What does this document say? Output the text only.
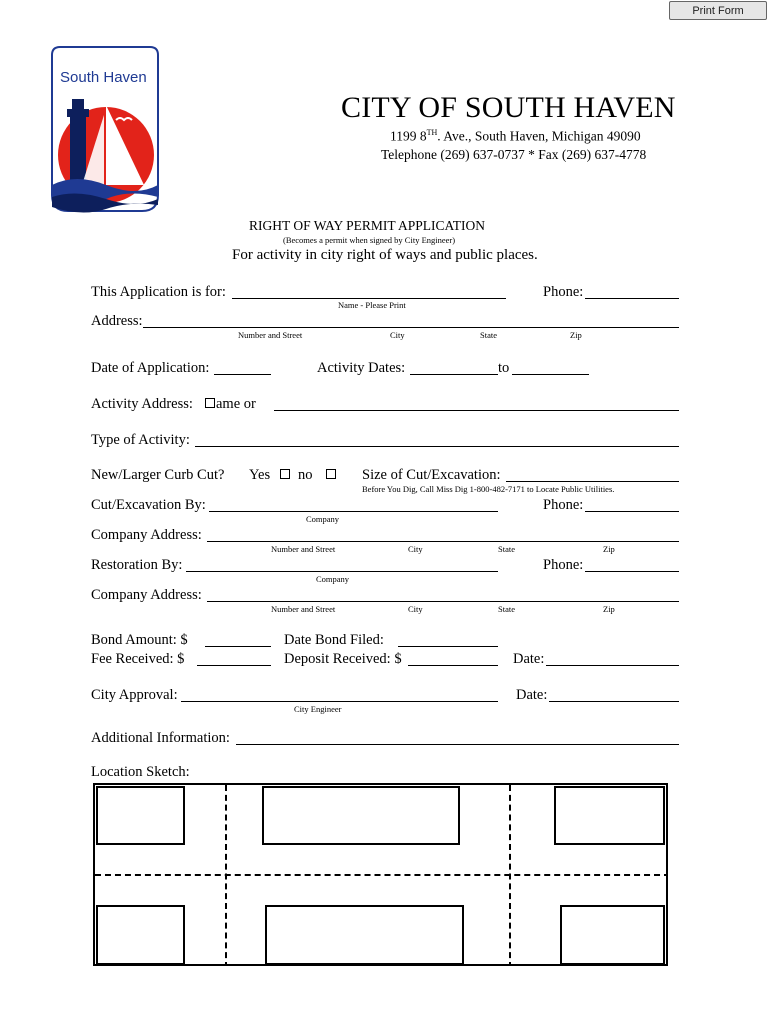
Print Form
South Haven
CITY OF SOUTH HAVEN
1199 8TH. Ave., South Haven, Michigan 49090
Telephone (269) 637-0737 * Fax (269) 637-4778
RIGHT OF WAY PERMIT APPLICATION
(Becomes a permit when signed by City Engineer)
For activity in city right of ways and public places.
This Application is for:
Name - Please Print
Phone:
Address:
Number and Street	City	State	Zip
Date of Application:	Activity Dates:	to
Activity Address: ame or
Type of Activity:
New/Larger Curb Cut? Yes no	Size of Cut/Excavation:
Before You Dig, Call Miss Dig 1-800-482-7171 to Locate Public Utilities.
Cut/Excavation By:
Company
Phone:
Company Address:
Number and Street	City	State	Zip
Restoration By:
Company
Phone:
Company Address:
Number and Street	City	State	Zip
Bond Amount: $	Date Bond Filed:
Fee Received: $	Deposit Received: $	Date:
City Approval:
City Engineer
Date:
Additional Information:
Location Sketch:
